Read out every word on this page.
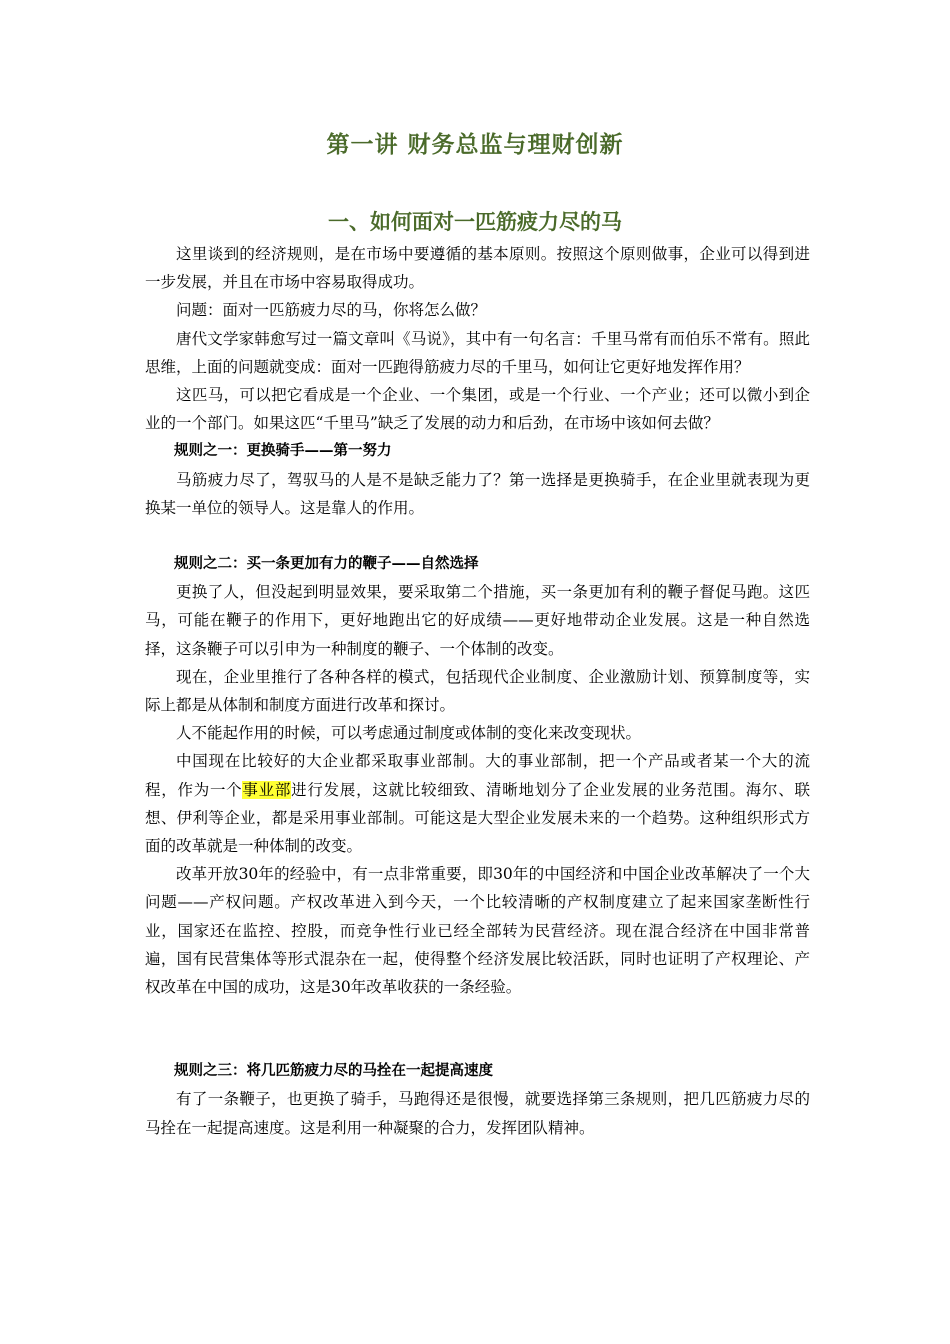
第一讲 财务总监与理财创新
一、如何面对一匹筋疲力尽的马

这里谈到的经济规则，是在市场中要遵循的基本原则。按照这个原则做事，企业可以得到进一步发展，并且在市场中容易取得成功。

问题：面对一匹筋疲力尽的马，你将怎么做？

唐代文学家韩愈写过一篇文章叫《马说》，其中有一句名言：千里马常有而伯乐不常有。照此思维，上面的问题就变成：面对一匹跑得筋疲力尽的千里马，如何让它更好地发挥作用？

这匹马，可以把它看成是一个企业、一个集团，或是一个行业、一个产业；还可以微小到企业的一个部门。如果这匹“千里马”缺乏了发展的动力和后劲，在市场中该如何去做？

规则之一：更换骑手——第一努力

马筋疲力尽了，驾驭马的人是不是缺乏能力了？第一选择是更换骑手，在企业里就表现为更换某一单位的领导人。这是靠人的作用。

规则之二：买一条更加有力的鞭子——自然选择

更换了人，但没起到明显效果，要采取第二个措施，买一条更加有利的鞭子督促马跑。这匹马，可能在鞭子的作用下，更好地跑出它的好成绩——更好地带动企业发展。这是一种自然选择，这条鞭子可以引申为一种制度的鞭子、一个体制的改变。

现在，企业里推行了各种各样的模式，包括现代企业制度、企业激励计划、预算制度等，实际上都是从体制和制度方面进行改革和探讨。

人不能起作用的时候，可以考虑通过制度或体制的变化来改变现状。

中国现在比较好的大企业都采取事业部制。大的事业部制，把一个产品或者某一个大的流程，作为一个事业部进行发展，这就比较细致、清晰地划分了企业发展的业务范围。海尔、联想、伊利等企业，都是采用事业部制。可能这是大型企业发展未来的一个趋势。这种组织形式方面的改革就是一种体制的改变。

改革开放30年的经验中，有一点非常重要，即30年的中国经济和中国企业改革解决了一个大问题——产权问题。产权改革进入到今天，一个比较清晰的产权制度建立了起来国家垄断性行业，国家还在监控、控股，而竞争性行业已经全部转为民营经济。现在混合经济在中国非常普遍，国有民营集体等形式混杂在一起，使得整个经济发展比较活跃，同时也证明了产权理论、产权改革在中国的成功，这是30年改革收获的一条经验。

规则之三：将几匹筋疲力尽的马拴在一起提高速度

有了一条鞭子，也更换了骑手，马跑得还是很慢，就要选择第三条规则，把几匹筋疲力尽的马拴在一起提高速度。这是利用一种凝聚的合力，发挥团队精神。
